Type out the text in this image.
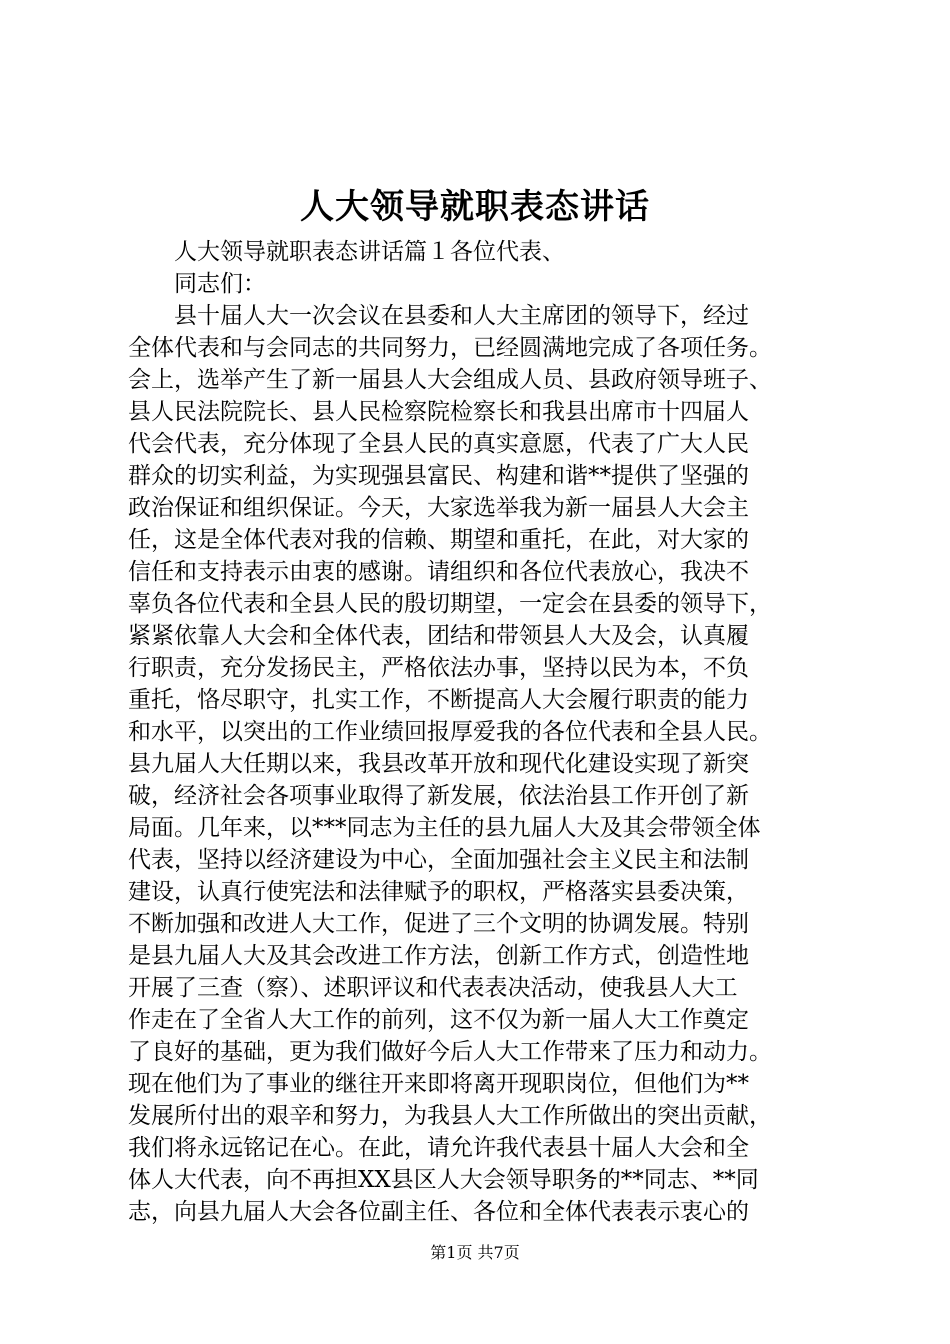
人大领导就职表态讲话
人大领导就职表态讲话篇１各位代表、
同志们：
县十届人大一次会议在县委和人大主席团的领导下，经过
全体代表和与会同志的共同努力，已经圆满地完成了各项任务。
会上，选举产生了新一届县人大会组成人员、县政府领导班子、
县人民法院院长、县人民检察院检察长和我县出席市十四届人
代会代表，充分体现了全县人民的真实意愿，代表了广大人民
群众的切实利益，为实现强县富民、构建和谐**提供了坚强的
政治保证和组织保证。今天，大家选举我为新一届县人大会主
任，这是全体代表对我的信赖、期望和重托，在此，对大家的
信任和支持表示由衷的感谢。请组织和各位代表放心，我决不
辜负各位代表和全县人民的殷切期望，一定会在县委的领导下，
紧紧依靠人大会和全体代表，团结和带领县人大及会，认真履
行职责，充分发扬民主，严格依法办事，坚持以民为本，不负
重托，恪尽职守，扎实工作，不断提高人大会履行职责的能力
和水平，以突出的工作业绩回报厚爱我的各位代表和全县人民。
县九届人大任期以来，我县改革开放和现代化建设实现了新突
破，经济社会各项事业取得了新发展，依法治县工作开创了新
局面。几年来，以***同志为主任的县九届人大及其会带领全体
代表，坚持以经济建设为中心，全面加强社会主义民主和法制
建设，认真行使宪法和法律赋予的职权，严格落实县委决策，
不断加强和改进人大工作，促进了三个文明的协调发展。特别
是县九届人大及其会改进工作方法，创新工作方式，创造性地
开展了三查（察）、述职评议和代表表决活动，使我县人大工
作走在了全省人大工作的前列，这不仅为新一届人大工作奠定
了良好的基础，更为我们做好今后人大工作带来了压力和动力。
现在他们为了事业的继往开来即将离开现职岗位，但他们为**
发展所付出的艰辛和努力，为我县人大工作所做出的突出贡献，
我们将永远铭记在心。在此，请允许我代表县十届人大会和全
体人大代表，向不再担XX县区人大会领导职务的**同志、**同
志，向县九届人大会各位副主任、各位和全体代表表示衷心的
第1页 共7页
